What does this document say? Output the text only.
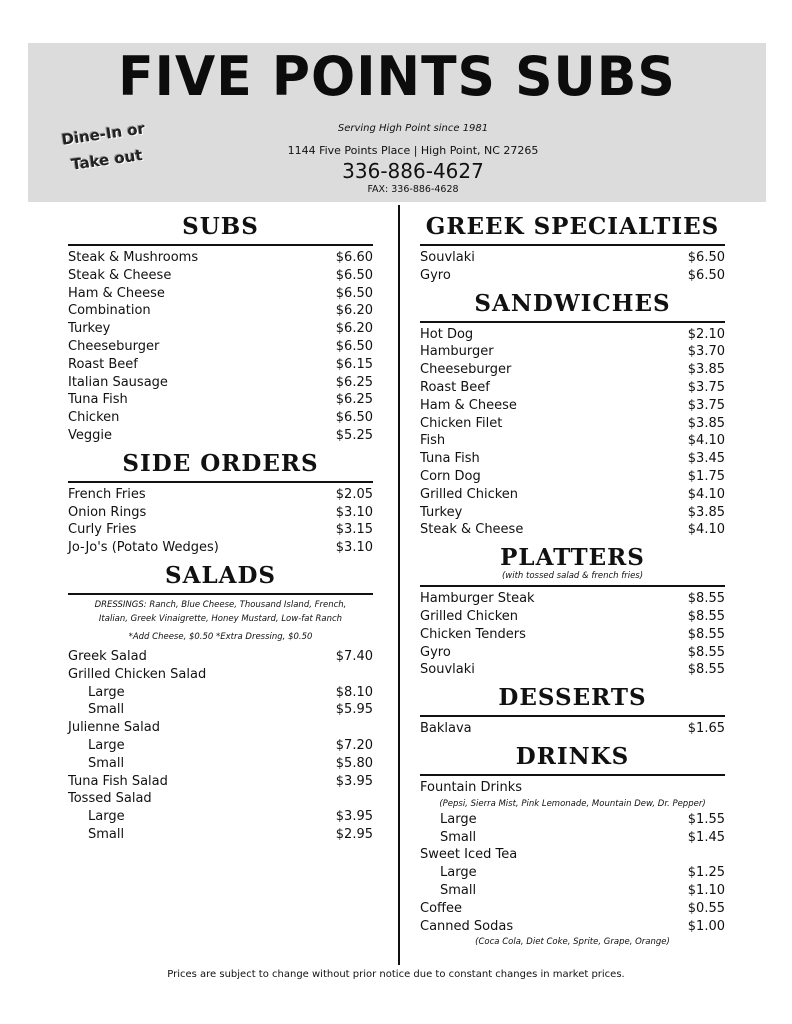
FIVE POINTS SUBS
Dine-In or
Take out
Serving High Point since 1981
1144 Five Points Place | High Point, NC 27265
336-886-4627
FAX: 336-886-4628
SUBS
Steak & Mushrooms	$6.60
Steak & Cheese	$6.50
Ham & Cheese	$6.50
Combination	$6.20
Turkey	$6.20
Cheeseburger	$6.50
Roast Beef	$6.15
Italian Sausage	$6.25
Tuna Fish	$6.25
Chicken	$6.50
Veggie	$5.25
SIDE ORDERS
French Fries	$2.05
Onion Rings	$3.10
Curly Fries	$3.15
Jo-Jo's (Potato Wedges)	$3.10
SALADS
DRESSINGS: Ranch, Blue Cheese, Thousand Island, French,
Italian, Greek Vinaigrette, Honey Mustard, Low-fat Ranch
*Add Cheese, $0.50 *Extra Dressing, $0.50
Greek Salad	$7.40
Grilled Chicken Salad
Large	$8.10
Small	$5.95
Julienne Salad
Large	$7.20
Small	$5.80
Tuna Fish Salad	$3.95
Tossed Salad
Large	$3.95
Small	$2.95
GREEK SPECIALTIES
Souvlaki	$6.50
Gyro	$6.50
SANDWICHES
Hot Dog	$2.10
Hamburger	$3.70
Cheeseburger	$3.85
Roast Beef	$3.75
Ham & Cheese	$3.75
Chicken Filet	$3.85
Fish	$4.10
Tuna Fish	$3.45
Corn Dog	$1.75
Grilled Chicken	$4.10
Turkey	$3.85
Steak & Cheese	$4.10
PLATTERS
(with tossed salad & french fries)
Hamburger Steak	$8.55
Grilled Chicken	$8.55
Chicken Tenders	$8.55
Gyro	$8.55
Souvlaki	$8.55
DESSERTS
Baklava	$1.65
DRINKS
Fountain Drinks
(Pepsi, Sierra Mist, Pink Lemonade, Mountain Dew, Dr. Pepper)
Large	$1.55
Small	$1.45
Sweet Iced Tea
Large	$1.25
Small	$1.10
Coffee	$0.55
Canned Sodas	$1.00
(Coca Cola, Diet Coke, Sprite, Grape, Orange)
Prices are subject to change without prior notice due to constant changes in market prices.
